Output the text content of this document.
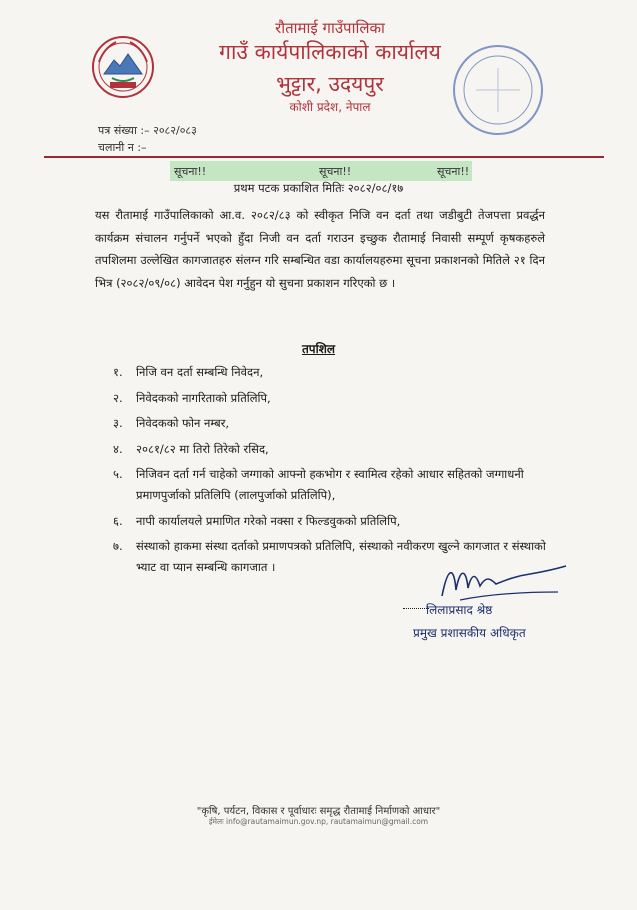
रौतामाई गाउँपालिका
गाउँ कार्यपालिकाको कार्यालय
भुट्टार, उदयपुर
कोशी प्रदेश, नेपाल
पत्र संख्या :– २०८२/०८३
चलानी न :–
सूचना!!	सूचना!!	सूचना!!
प्रथम पटक प्रकाशित मितिः २०८२/०८/१७
यस रौतामाई गाउँपालिकाको आ.व. २०८२/८३ को स्वीकृत निजि वन दर्ता तथा जडीबुटी तेजपत्ता प्रवर्द्धन कार्यक्रम संचालन गर्नुपर्ने भएको हुँदा निजी वन दर्ता गराउन इच्छुक रौतामाई निवासी सम्पूर्ण कृषकहरुले तपशिलमा उल्लेखित कागजातहरु संलग्न गरि सम्बन्धित वडा कार्यालयहरुमा सूचना प्रकाशनको मितिले २१ दिन भित्र (२०८२/०९/०८) आवेदन पेश गर्नुहुन यो सुचना प्रकाशन गरिएको छ ।
तपशिल
१. निजि वन दर्ता सम्बन्धि निवेदन,
२. निवेदकको नागरिताको प्रतिलिपि,
३. निवेदकको फोन नम्बर,
४. २०८१/८२ मा तिरो तिरेको रसिद,
५. निजिवन दर्ता गर्न चाहेको जग्गाको आफ्नो हकभोग र स्वामित्व रहेको आधार सहितको जग्गाधनी प्रमाणपुर्जाको प्रतिलिपि (लालपुर्जाको प्रतिलिपि),
६. नापी कार्यालयले प्रमाणित गरेको नक्सा र फिल्डवुकको प्रतिलिपि,
७. संस्थाको हाकमा संस्था दर्ताको प्रमाणपत्रको प्रतिलिपि, संस्थाको नवीकरण खुल्ने कागजात र संस्थाको भ्याट वा प्यान सम्बन्धि कागजात ।
लिलाप्रसाद श्रेष्ठ
प्रमुख प्रशासकीय अधिकृत
"कृषि, पर्यटन, विकास र पूर्वाधारः समृद्ध रौतामाई निर्माणको आधार"
ईमेलः info@rautamaimun.gov.np, rautamaimun@gmail.com
